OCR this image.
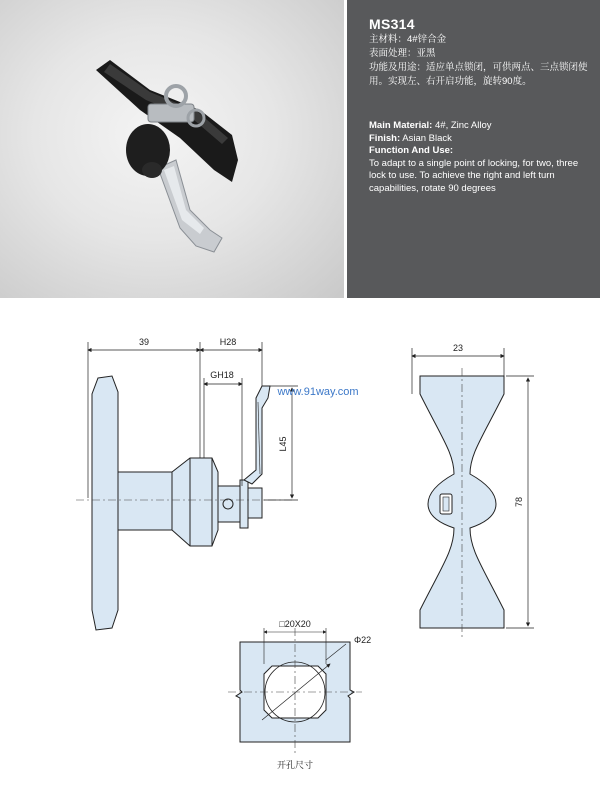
MS314
主材料：4#锌合金
表面处理：亚黑
功能及用途：适应单点锁闭，可供两点、三点锁闭使用。实现左、右开启功能，旋转90度。
Main Material: 4#, Zinc Alloy
Finish: Asian Black
Function And Use:
To adapt to a single point of locking, for two, three lock to use. To achieve the right and left turn capabilities, rotate 90 degrees
39	H28
GH18
L45
23
78
□20X20
Φ22
开孔尺寸
www.91way.com
